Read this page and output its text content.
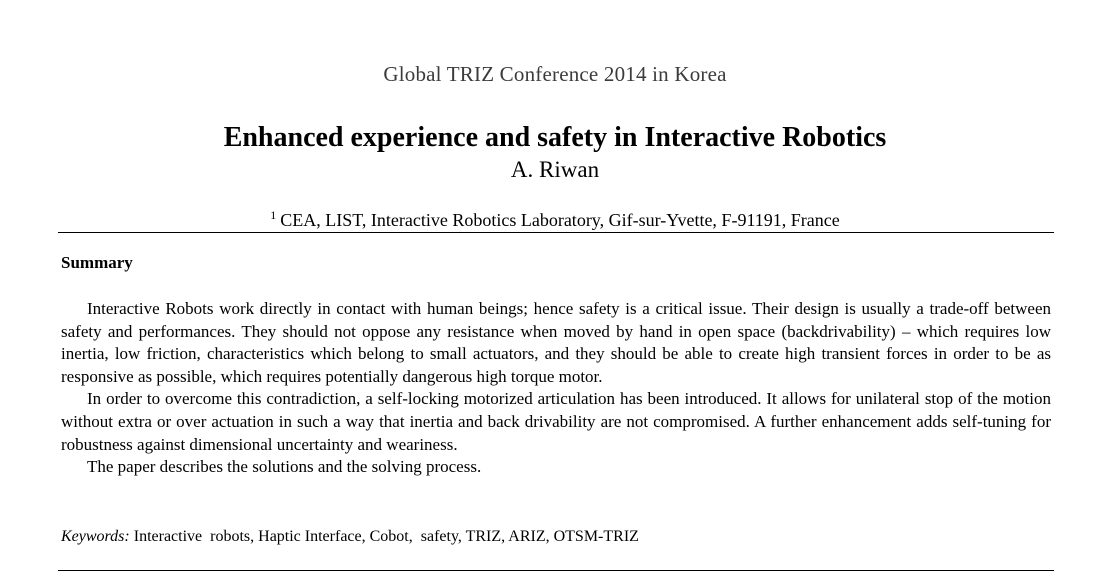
Global TRIZ Conference 2014 in Korea
Enhanced experience and safety in Interactive Robotics
A. Riwan
$^1$ CEA, LIST, Interactive Robotics Laboratory, Gif-sur-Yvette, F-91191, France
Summary

Interactive Robots work directly in contact with human beings; hence safety is a critical issue. Their design is usually a trade-off between safety and performances. They should not oppose any resistance when moved by hand in open space (backdrivability) – which requires low inertia, low friction, characteristics which belong to small actuators, and they should be able to create high transient forces in order to be as responsive as possible, which requires potentially dangerous high torque motor.

In order to overcome this contradiction, a self-locking motorized articulation has been introduced. It allows for unilateral stop of the motion without extra or over actuation in such a way that inertia and back drivability are not compromised. A further enhancement adds self-tuning for robustness against dimensional uncertainty and weariness.

The paper describes the solutions and the solving process.

Keywords: Interactive  robots, Haptic Interface, Cobot,  safety, TRIZ, ARIZ, OTSM-TRIZ
